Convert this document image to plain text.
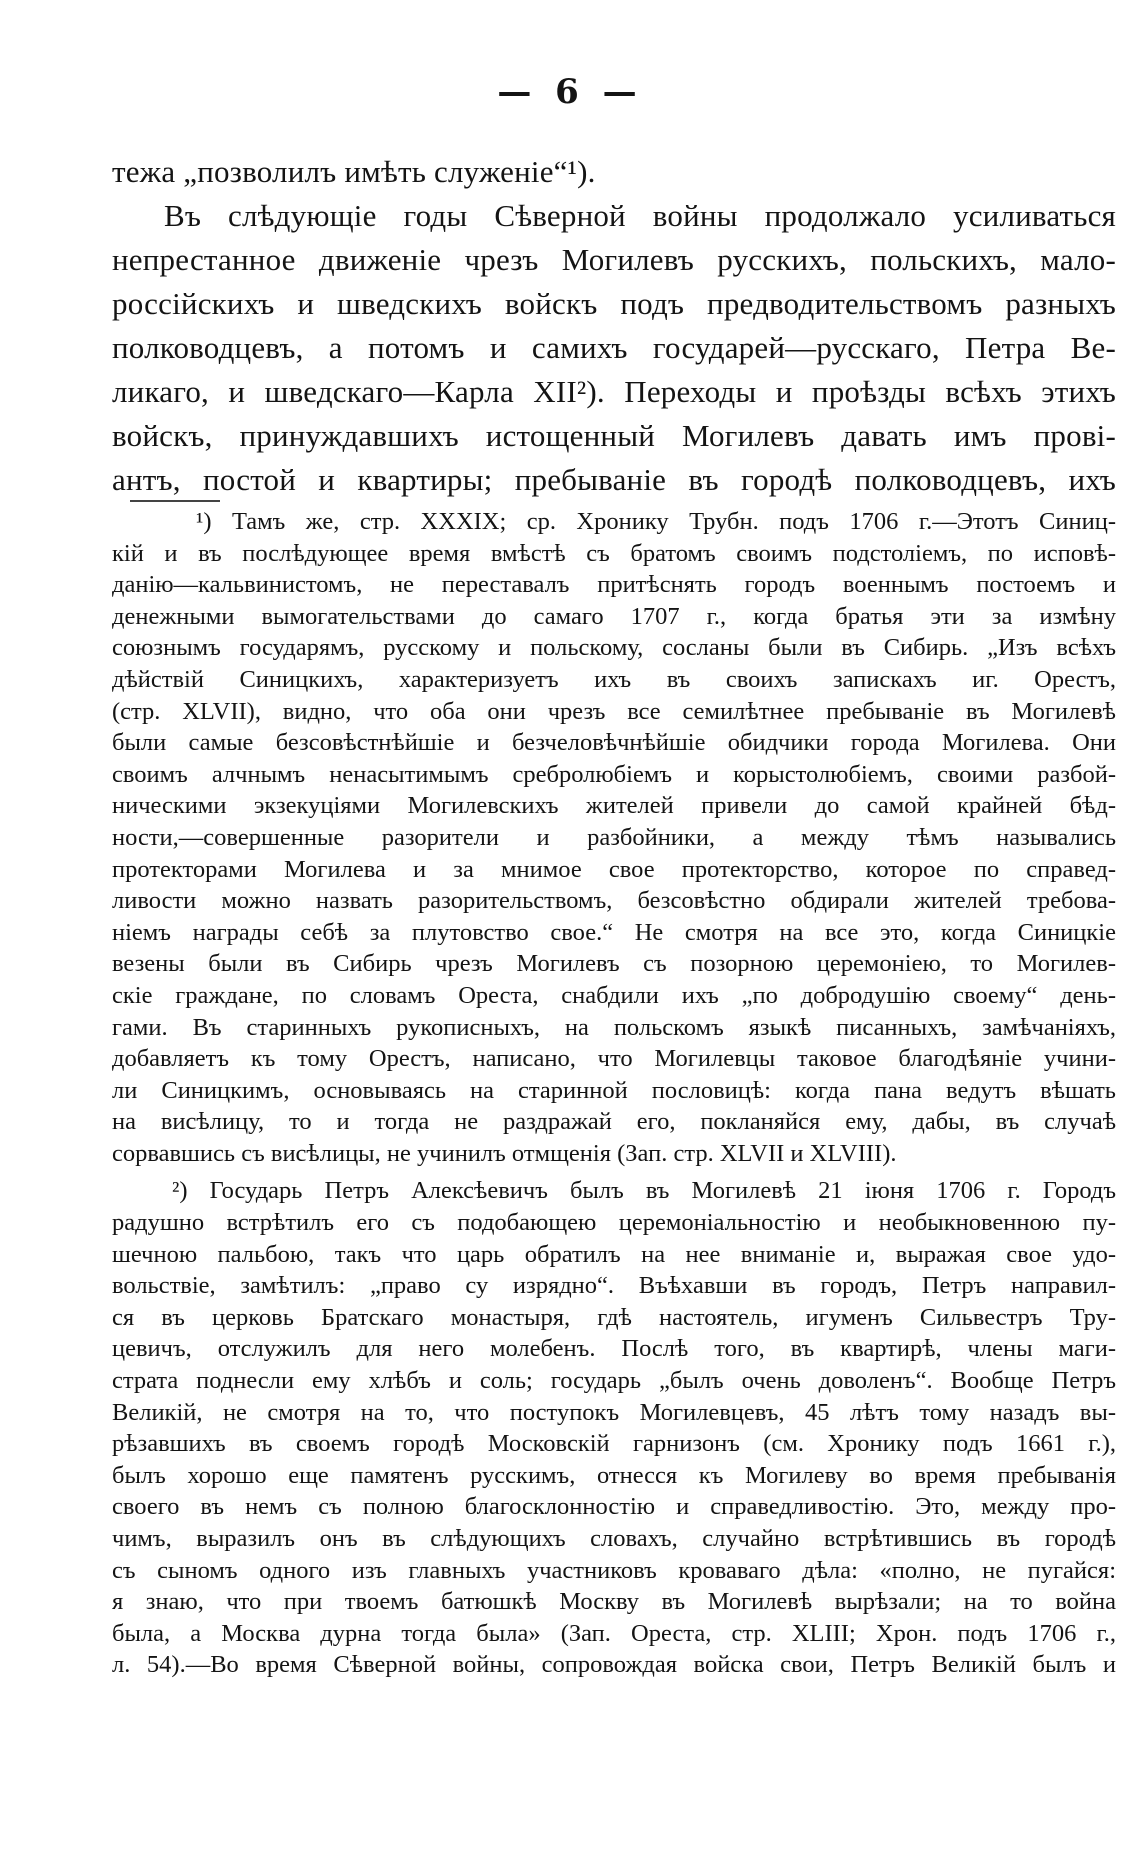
— 6 —
тежа „позволилъ имѣть служеніе“¹).
Въ слѣдующіе годы Сѣверной войны продолжало усиливаться
непрестанное движеніе чрезъ Могилевъ русскихъ, польскихъ, мало-
россійскихъ и шведскихъ войскъ подъ предводительствомъ разныхъ
полководцевъ, а потомъ и самихъ государей—русскаго, Петра Ве-
ликаго, и шведскаго—Карла XII²). Переходы и проѣзды всѣхъ этихъ
войскъ, принуждавшихъ истощенный Могилевъ давать имъ прові-
антъ, постой и квартиры; пребываніе въ городѣ полководцевъ, ихъ
¹) Тамъ же, стр. XXXIX; ср. Хронику Трубн. подъ 1706 г.—Этотъ Синиц-
кій и въ послѣдующее время вмѣстѣ съ братомъ своимъ подстоліемъ, по исповѣ-
данію—кальвинистомъ, не переставалъ притѣснять городъ военнымъ постоемъ и
денежными вымогательствами до самаго 1707 г., когда братья эти за измѣну
союзнымъ государямъ, русскому и польскому, сосланы были въ Сибирь. „Изъ всѣхъ
дѣйствій Синицкихъ, характеризуетъ ихъ въ своихъ запискахъ иг. Орестъ,
(стр. XLVII), видно, что оба они чрезъ все семилѣтнее пребываніе въ Могилевѣ
были самые безсовѣстнѣйшіе и безчеловѣчнѣйшіе обидчики города Могилева. Они
своимъ алчнымъ ненасытимымъ сребролюбіемъ и корыстолюбіемъ, своими разбой-
ническими экзекуціями Могилевскихъ жителей привели до самой крайней бѣд-
ности,—совершенные разорители и разбойники, а между тѣмъ назывались
протекторами Могилева и за мнимое свое протекторство, которое по справед-
ливости можно назвать разорительствомъ, безсовѣстно обдирали жителей требова-
ніемъ награды себѣ за плутовство свое.“ Не смотря на все это, когда Синицкіе
везены были въ Сибирь чрезъ Могилевъ съ позорною церемоніею, то Могилев-
скіе граждане, по словамъ Ореста, снабдили ихъ „по добродушію своему“ день-
гами. Въ старинныхъ рукописныхъ, на польскомъ языкѣ писанныхъ, замѣчаніяхъ,
добавляетъ къ тому Орестъ, написано, что Могилевцы таковое благодѣяніе учини-
ли Синицкимъ, основываясь на старинной пословицѣ: когда пана ведутъ вѣшать
на висѣлицу, то и тогда не раздражай его, покланяйся ему, дабы, въ случаѣ
сорвавшись съ висѣлицы, не учинилъ отмщенія (Зап. стр. XLVII и XLVIII).
²) Государь Петръ Алексѣевичъ былъ въ Могилевѣ 21 іюня 1706 г. Городъ
радушно встрѣтилъ его съ подобающею церемоніальностію и необыкновенною пу-
шечною пальбою, такъ что царь обратилъ на нее вниманіе и, выражая свое удо-
вольствіе, замѣтилъ: „право су изрядно“. Въѣхавши въ городъ, Петръ направил-
ся въ церковь Братскаго монастыря, гдѣ настоятель, игуменъ Сильвестръ Тру-
цевичъ, отслужилъ для него молебенъ. Послѣ того, въ квартирѣ, члены маги-
страта поднесли ему хлѣбъ и соль; государь „былъ очень доволенъ“. Вообще Петръ
Великій, не смотря на то, что поступокъ Могилевцевъ, 45 лѣтъ тому назадъ вы-
рѣзавшихъ въ своемъ городѣ Московскій гарнизонъ (см. Хронику подъ 1661 г.),
былъ хорошо еще памятенъ русскимъ, отнесся къ Могилеву во время пребыванія
своего въ немъ съ полною благосклонностію и справедливостію. Это, между про-
чимъ, выразилъ онъ въ слѣдующихъ словахъ, случайно встрѣтившись въ городѣ
съ сыномъ одного изъ главныхъ участниковъ кроваваго дѣла: «полно, не пугайся:
я знаю, что при твоемъ батюшкѣ Москву въ Могилевѣ вырѣзали; на то война
была, а Москва дурна тогда была» (Зап. Ореста, стр. XLIII; Хрон. подъ 1706 г.,
л. 54).—Во время Сѣверной войны, сопровождая войска свои, Петръ Великій былъ и
